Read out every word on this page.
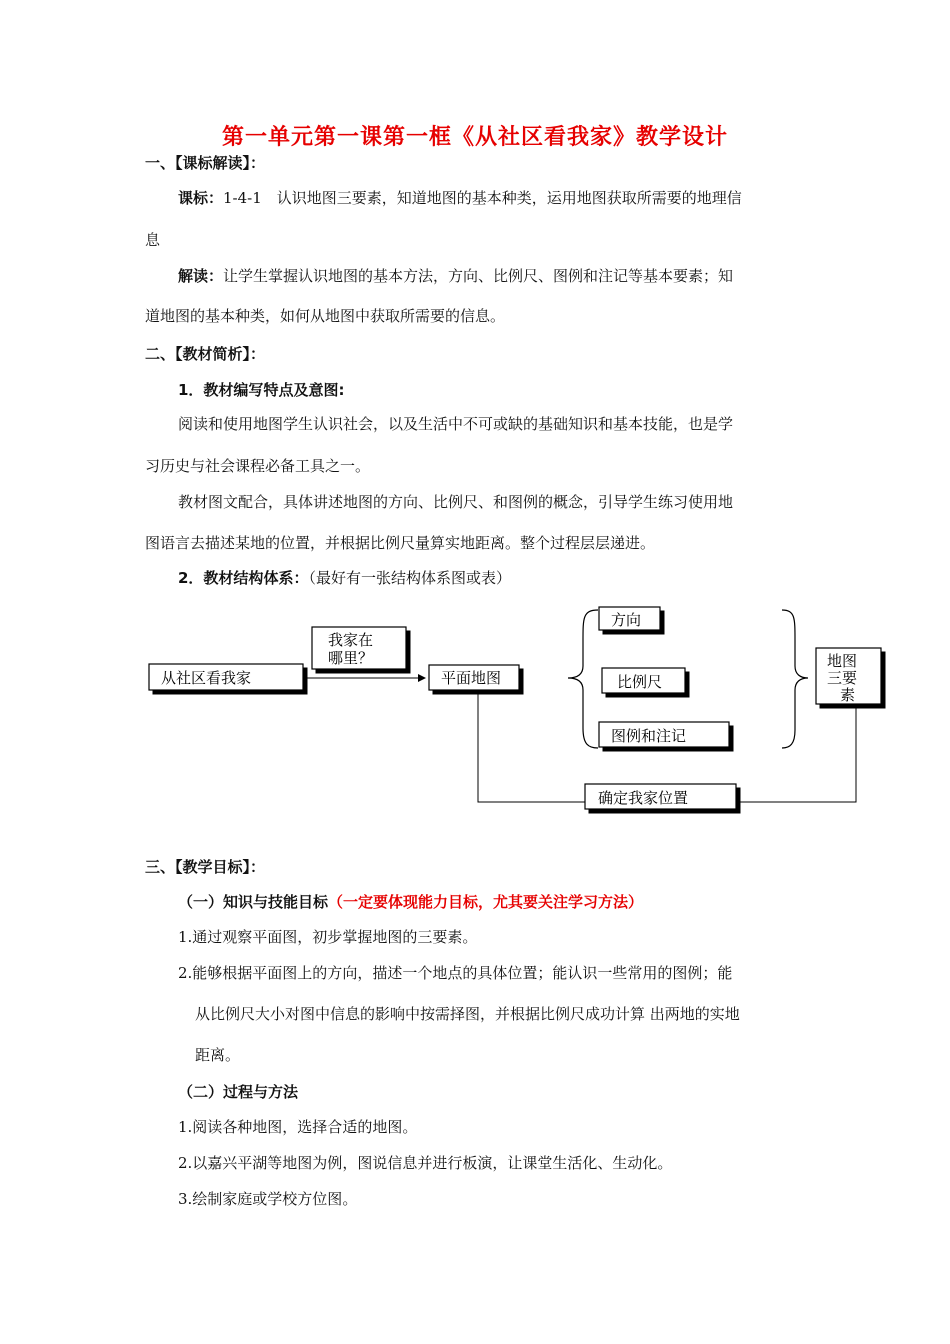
第一单元第一课第一框《从社区看我家》教学设计
一、【课标解读】：
课标：1-4-1　认识地图三要素，知道地图的基本种类，运用地图获取所需要的地理信
息
解读：让学生掌握认识地图的基本方法，方向、比例尺、图例和注记等基本要素；知
道地图的基本种类，如何从地图中获取所需要的信息。
二、【教材简析】：
1．教材编写特点及意图:
阅读和使用地图学生认识社会，以及生活中不可或缺的基础知识和基本技能，也是学
习历史与社会课程必备工具之一。
教材图文配合，具体讲述地图的方向、比例尺、和图例的概念，引导学生练习使用地
图语言去描述某地的位置，并根据比例尺量算实地距离。整个过程层层递进。
2．教材结构体系：（最好有一张结构体系图或表）
从社区看我家
我家在
哪里？
平面地图
方向
比例尺
图例和注记
地图
三要
素
确定我家位置
三、【教学目标】：
（一）知识与技能目标（一定要体现能力目标，尤其要关注学习方法）
1.通过观察平面图，初步掌握地图的三要素。
2.能够根据平面图上的方向，描述一个地点的具体位置；能认识一些常用的图例；能
从比例尺大小对图中信息的影响中按需择图，并根据比例尺成功计算 出两地的实地
距离。
（二）过程与方法
1.阅读各种地图，选择合适的地图。
2.以嘉兴平湖等地图为例，图说信息并进行板演，让课堂生活化、生动化。
3.绘制家庭或学校方位图。
